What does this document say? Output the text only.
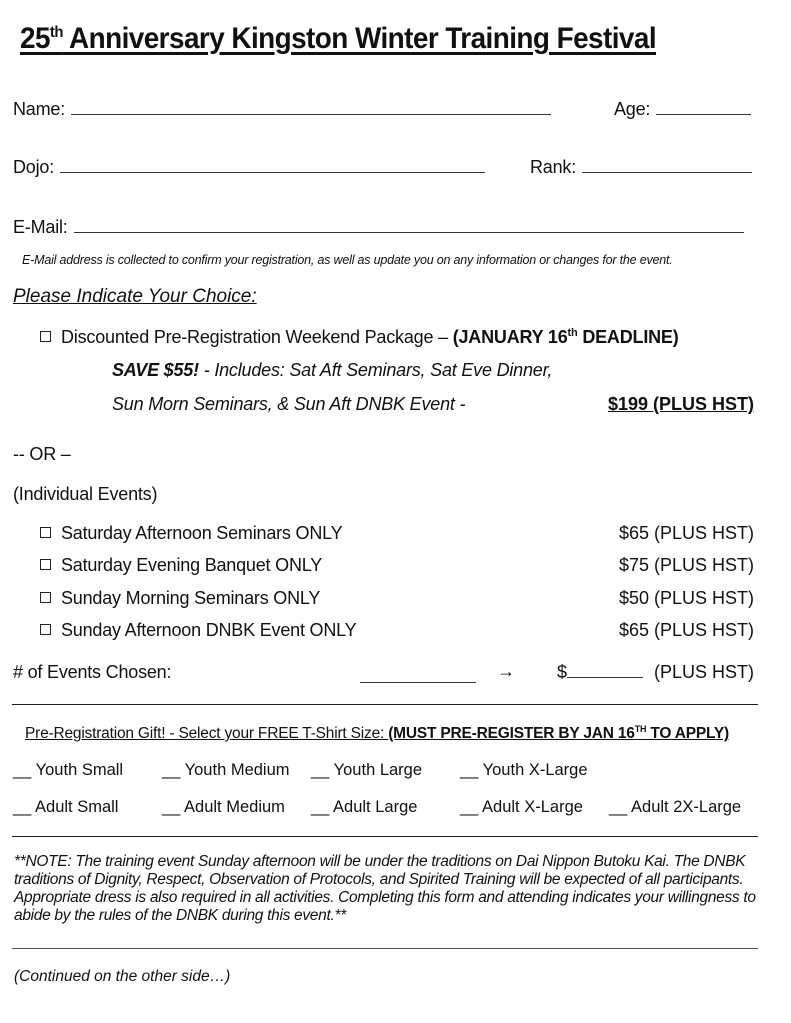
25th Anniversary Kingston Winter Training Festival
Name:	Age:
Dojo:	Rank:
E-Mail:
E-Mail address is collected to confirm your registration, as well as update you on any information or changes for the event.
Please Indicate Your Choice:
Discounted Pre-Registration Weekend Package – (JANUARY 16th DEADLINE)
SAVE $55! - Includes: Sat Aft Seminars, Sat Eve Dinner,
Sun Morn Seminars, & Sun Aft DNBK Event -	$199 (PLUS HST)
-- OR –
(Individual Events)
Saturday Afternoon Seminars ONLY	$65 (PLUS HST)
Saturday Evening Banquet ONLY	$75 (PLUS HST)
Sunday Morning Seminars ONLY	$50 (PLUS HST)
Sunday Afternoon DNBK Event ONLY	$65 (PLUS HST)
# of Events Chosen:	→ $	(PLUS HST)
Pre-Registration Gift! - Select your FREE T-Shirt Size: (MUST PRE-REGISTER BY JAN 16TH TO APPLY)
__ Youth Small __ Youth Medium __ Youth Large __ Youth X-Large
__ Adult Small	__ Adult Medium __ Adult Large	__ Adult X-Large __ Adult 2X-Large
**NOTE: The training event Sunday afternoon will be under the traditions on Dai Nippon Butoku Kai. The DNBK traditions of Dignity, Respect, Observation of Protocols, and Spirited Training will be expected of all participants. Appropriate dress is also required in all activities. Completing this form and attending indicates your willingness to abide by the rules of the DNBK during this event.**
(Continued on the other side…)
